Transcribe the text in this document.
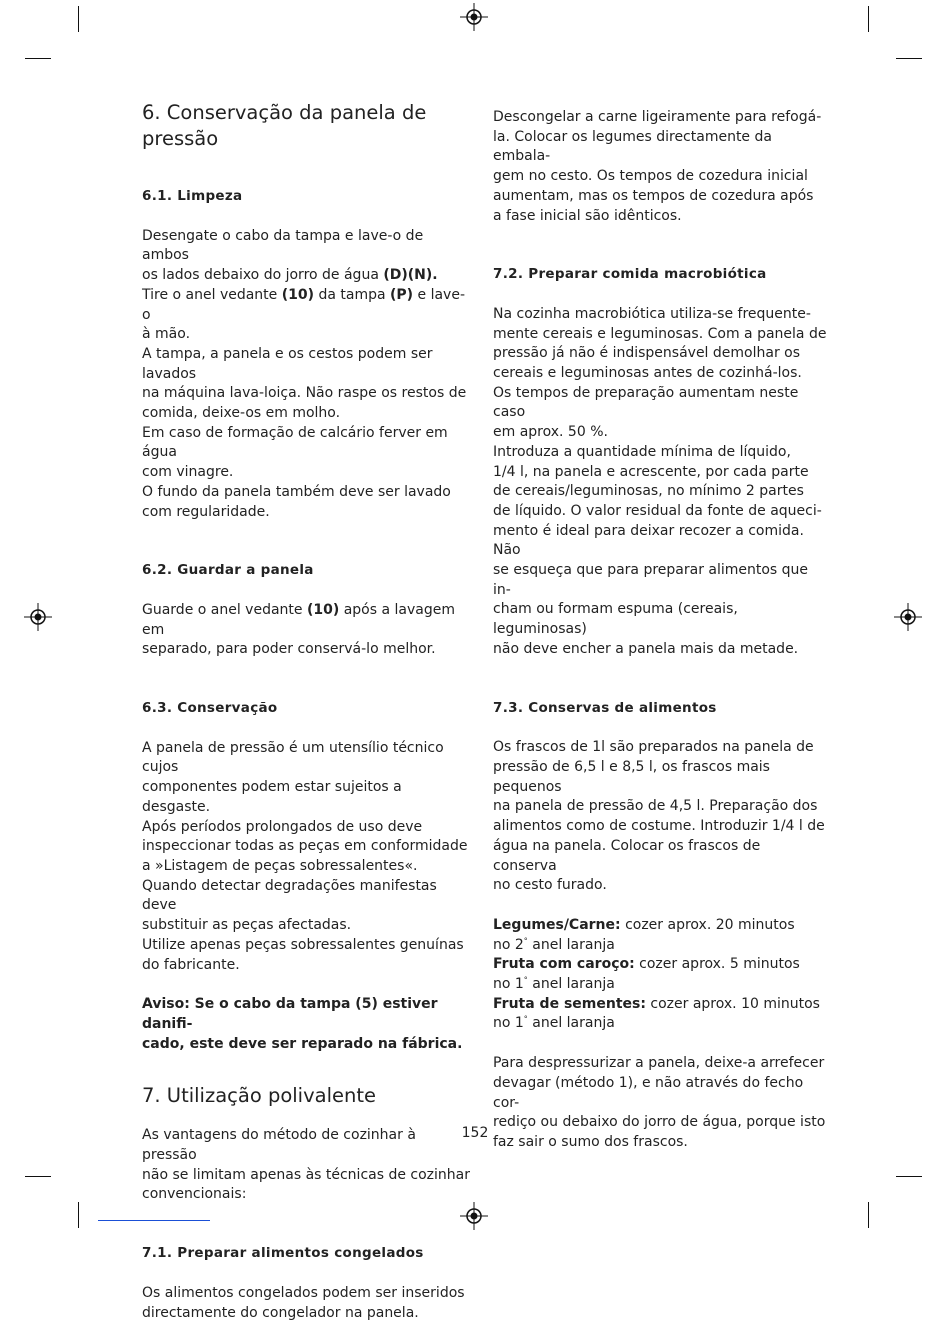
6. Conservação da panela de pressão
6.1. Limpeza
Desengate o cabo da tampa e lave-o de ambos
os lados debaixo do jorro de água (D)(N).
Tire o anel vedante (10) da tampa (P) e lave-o
à mão.
A tampa, a panela e os cestos podem ser lavados
na máquina lava-loiça. Não raspe os restos de
comida, deixe-os em molho.
Em caso de formação de calcário ferver em água
com vinagre.
O fundo da panela também deve ser lavado
com regularidade.
6.2. Guardar a panela
Guarde o anel vedante (10) após a lavagem em
separado, para poder conservá-lo melhor.
6.3. Conservação
A panela de pressão é um utensílio técnico cujos
componentes podem estar sujeitos a desgaste.
Após períodos prolongados de uso deve
inspeccionar todas as peças em conformidade
a »Listagem de peças sobressalentes«.
Quando detectar degradações manifestas deve
substituir as peças afectadas.
Utilize apenas peças sobressalentes genuínas
do fabricante.
Aviso: Se o cabo da tampa (5) estiver danifi-
cado, este deve ser reparado na fábrica.
7. Utilização polivalente
As vantagens do método de cozinhar à pressão
não se limitam apenas às técnicas de cozinhar
convencionais:
7.1. Preparar alimentos congelados
Os alimentos congelados podem ser inseridos
directamente do congelador na panela.
Descongelar a carne ligeiramente para refogá-
la. Colocar os legumes directamente da embala-
gem no cesto. Os tempos de cozedura inicial
aumentam, mas os tempos de cozedura após
a fase inicial são idênticos.
7.2. Preparar comida macrobiótica
Na cozinha macrobiótica utiliza-se frequente-
mente cereais e leguminosas. Com a panela de
pressão já não é indispensável demolhar os
cereais e leguminosas antes de cozinhá-los.
Os tempos de preparação aumentam neste caso
em aprox. 50 %.
Introduza a quantidade mínima de líquido,
1/4 l, na panela e acrescente, por cada parte
de cereais/leguminosas, no mínimo 2 partes
de líquido. O valor residual da fonte de aqueci-
mento é ideal para deixar recozer a comida. Não
se esqueça que para preparar alimentos que in-
cham ou formam espuma (cereais, leguminosas)
não deve encher a panela mais da metade.
7.3. Conservas de alimentos
Os frascos de 1l são preparados na panela de
pressão de 6,5 l e 8,5 l, os frascos mais pequenos
na panela de pressão de 4,5 l. Preparação dos
alimentos como de costume. Introduzir 1/4 l de
água na panela. Colocar os frascos de conserva
no cesto furado.
Legumes/Carne: cozer aprox. 20 minutos
no 2° anel laranja
Fruta com caroço: cozer aprox. 5 minutos
no 1° anel laranja
Fruta de sementes: cozer aprox. 10 minutos
no 1° anel laranja
Para despressurizar a panela, deixe-a arrefecer
devagar (método 1), e não através do fecho cor-
rediço ou debaixo do jorro de água, porque isto
faz sair o sumo dos frascos.
152
